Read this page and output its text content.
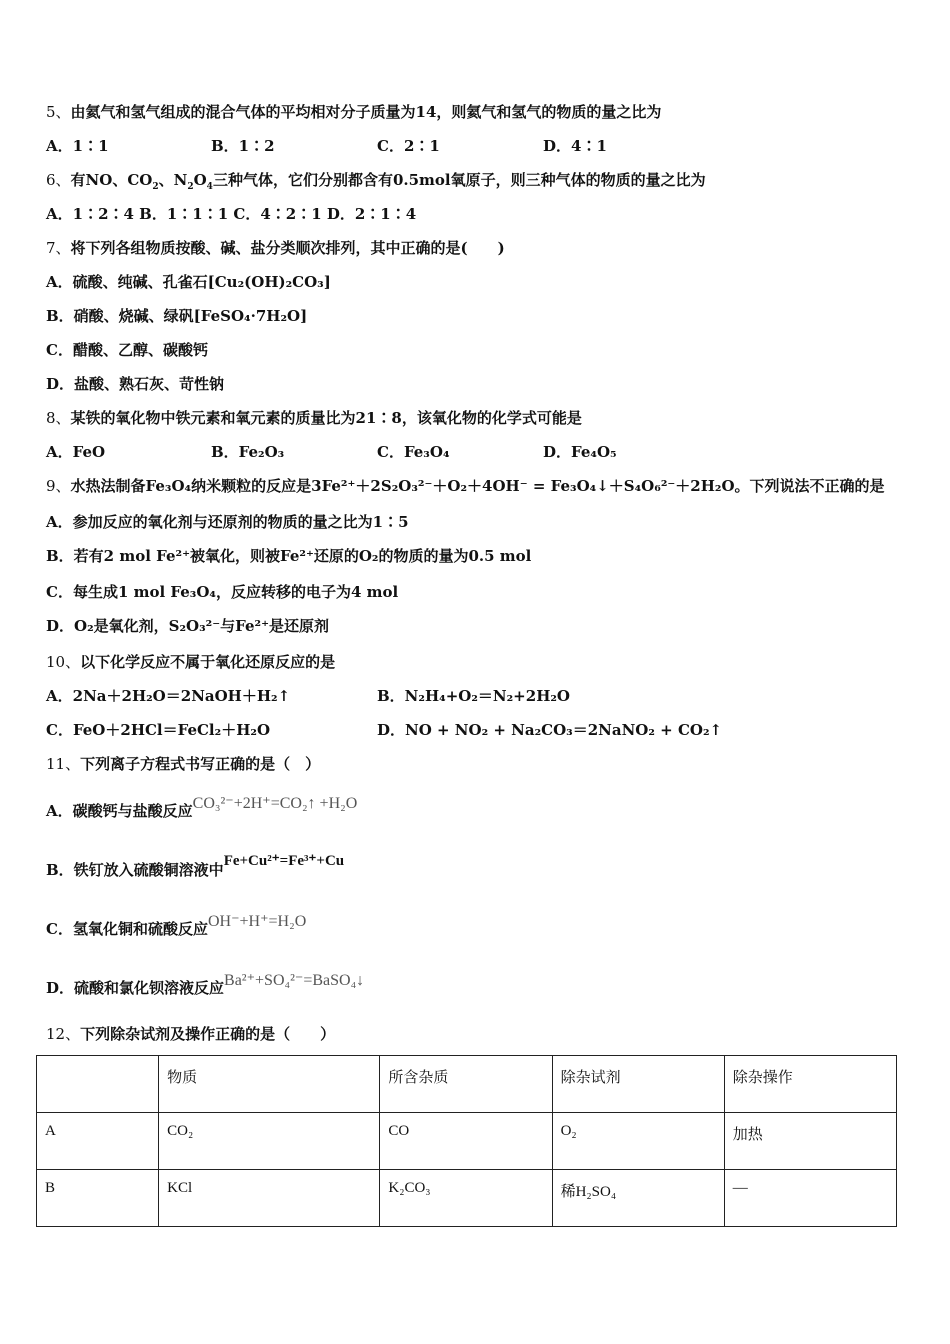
5、由氦气和氢气组成的混合气体的平均相对分子质量为14，则氦气和氢气的物质的量之比为
A．1∶1	B．1∶2	C．2∶1	D．4∶1
6、有NO、$CO_2$、$N_2O_4$三种气体，它们分别都含有0.5mol氧原子，则三种气体的物质的量之比为
A．1∶2∶4 B．1∶1∶1 C．4∶2∶1 D．2∶1∶4
7、将下列各组物质按酸、碱、盐分类顺次排列，其中正确的是(　　)
A．硫酸、纯碱、孔雀石[Cu₂(OH)₂CO₃]
B．硝酸、烧碱、绿矾[FeSO₄·7H₂O]
C．醋酸、乙醇、碳酸钙
D．盐酸、熟石灰、苛性钠
8、某铁的氧化物中铁元素和氧元素的质量比为21∶8，该氧化物的化学式可能是
A．FeO	B．Fe₂O₃	C．Fe₃O₄	D．Fe₄O₅
9、水热法制备Fe₃O₄纳米颗粒的反应是3Fe²⁺＋2S₂O₃²⁻＋O₂＋4OH⁻ = Fe₃O₄↓＋S₄O₆²⁻＋2H₂O。下列说法不正确的是
A．参加反应的氧化剂与还原剂的物质的量之比为1∶5
B．若有2 mol Fe²⁺被氧化，则被Fe²⁺还原的O₂的物质的量为0.5 mol
C．每生成1 mol Fe₃O₄，反应转移的电子为4 mol
D．O₂是氧化剂，S₂O₃²⁻与Fe²⁺是还原剂
10、以下化学反应不属于氧化还原反应的是
A．2Na＋2H₂O＝2NaOH＋H₂↑	B．N₂H₄+O₂＝N₂+2H₂O
C．FeO＋2HCl＝FeCl₂＋H₂O	D．NO + NO₂ + Na₂CO₃＝2NaNO₂ + CO₂↑
11、下列离子方程式书写正确的是（　）
A．碳酸钙与盐酸反应CO₃²⁻+2H⁺=CO₂↑ +H₂O
B．铁钉放入硫酸铜溶液中Fe+Cu²⁺=Fe³⁺+Cu
C．氢氧化铜和硫酸反应OH⁻+H⁺=H₂O
D．硫酸和氯化钡溶液反应Ba²⁺+SO₄²⁻=BaSO₄↓
12、下列除杂试剂及操作正确的是（　　）
	物质	所含杂质	除杂试剂	除杂操作
A	CO₂	CO	O₂	加热
B	KCl	K₂CO₃	稀H₂SO₄	—
